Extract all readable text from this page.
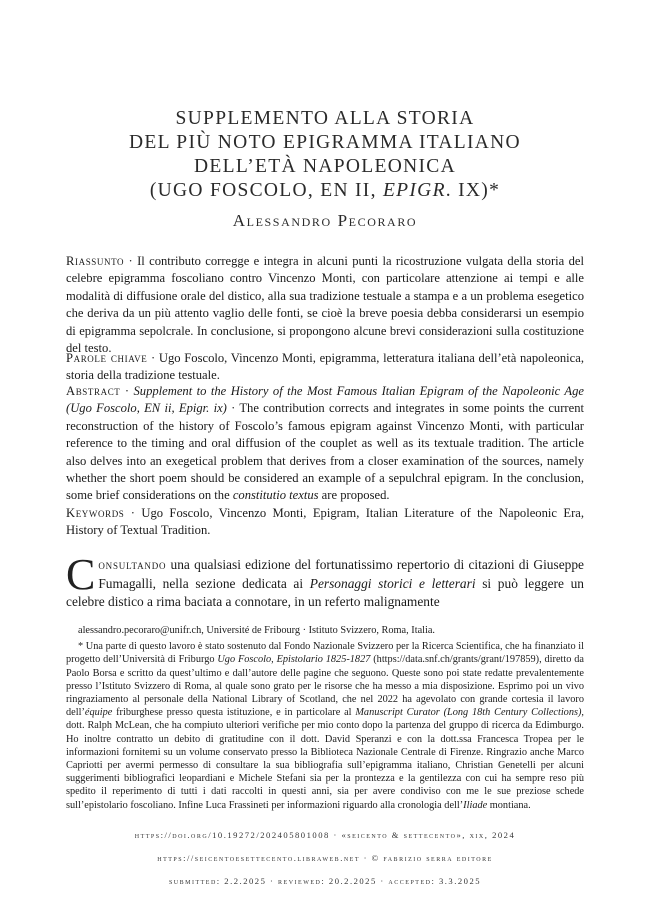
SUPPLEMENTO ALLA STORIA
DEL PIÙ NOTO EPIGRAMMA ITALIANO
DELL’ETÀ NAPOLEONICA
(UGO FOSCOLO, EN II, EPIGR. IX)*
Alessandro Pecoraro
Riassunto · Il contributo corregge e integra in alcuni punti la ricostruzione vulgata della storia del celebre epigramma foscoliano contro Vincenzo Monti, con particolare attenzione ai tempi e alle modalità di diffusione orale del distico, alla sua tradizione testuale a stampa e a un problema esegetico che deriva da un più attento vaglio delle fonti, se cioè la breve poesia debba considerarsi un esempio di epigramma sepolcrale. In conclusione, si propongono alcune brevi considerazioni sulla costituzione del testo.
Parole chiave · Ugo Foscolo, Vincenzo Monti, epigramma, letteratura italiana dell’età napoleonica, storia della tradizione testuale.
Abstract · Supplement to the History of the Most Famous Italian Epigram of the Napoleonic Age (Ugo Foscolo, EN ii, Epigr. ix) · The contribution corrects and integrates in some points the current reconstruction of the history of Foscolo’s famous epigram against Vincenzo Monti, with particular reference to the timing and oral diffusion of the couplet as well as its textuale tradition. The article also delves into an exegetical problem that derives from a closer examination of the sources, namely whether the short poem should be considered an example of a sepulchral epigram. In the conclusion, some brief considerations on the constitutio textus are proposed.
Keywords · Ugo Foscolo, Vincenzo Monti, Epigram, Italian Literature of the Napoleonic Era, History of Textual Tradition.
Consultando una qualsiasi edizione del fortunatissimo repertorio di citazioni di Giuseppe Fumagalli, nella sezione dedicata ai Personaggi storici e letterari si può leggere un celebre distico a rima baciata a connotare, in un referto malignamente

alessandro.pecoraro@unifr.ch, Université de Fribourg · Istituto Svizzero, Roma, Italia.

* Una parte di questo lavoro è stato sostenuto dal Fondo Nazionale Svizzero per la Ricerca Scientifica, che ha finanziato il progetto dell’Università di Friburgo Ugo Foscolo, Epistolario 1825-1827 (https://data.snf.ch/grants/grant/197859), diretto da Paolo Borsa e scritto da quest’ultimo e dall’autore delle pagine che seguono. Queste sono poi state redatte prevalentemente presso l’Istituto Svizzero di Roma, al quale sono grato per le risorse che ha messo a mia disposizione. Esprimo poi un vivo ringraziamento al personale della National Library of Scotland, che nel 2022 ha agevolato con grande cortesia il lavoro dell’équipe friburghese presso questa istituzione, e in particolare al Manuscript Curator (Long 18th Century Collections), dott. Ralph McLean, che ha compiuto ulteriori verifiche per mio conto dopo la partenza del gruppo di ricerca da Edimburgo. Ho inoltre contratto un debito di gratitudine con il dott. David Speranzi e con la dott.ssa Francesca Tropea per le informazioni fornitemi su un volume conservato presso la Biblioteca Nazionale Centrale di Firenze. Ringrazio anche Marco Capriotti per avermi permesso di consultare la sua bibliografia sull’epigramma italiano, Christian Genetelli per alcuni suggerimenti bibliografici leopardiani e Michele Stefani sia per la prontezza e la gentilezza con cui ha sempre reso più spedito il reperimento di tutti i dati raccolti in questi anni, sia per avere condiviso con me le sue preziose schede sull’epistolario foscoliano. Infine Luca Frassineti per informazioni riguardo alla cronologia dell’Iliade montiana.

https://doi.org/10.19272/202405801008 · «seicento & settecento», xix, 2024
https://seicentoesettecento.libraweb.net · © fabrizio serra editore
submitted: 2.2.2025 · reviewed: 20.2.2025 · accepted: 3.3.2025
